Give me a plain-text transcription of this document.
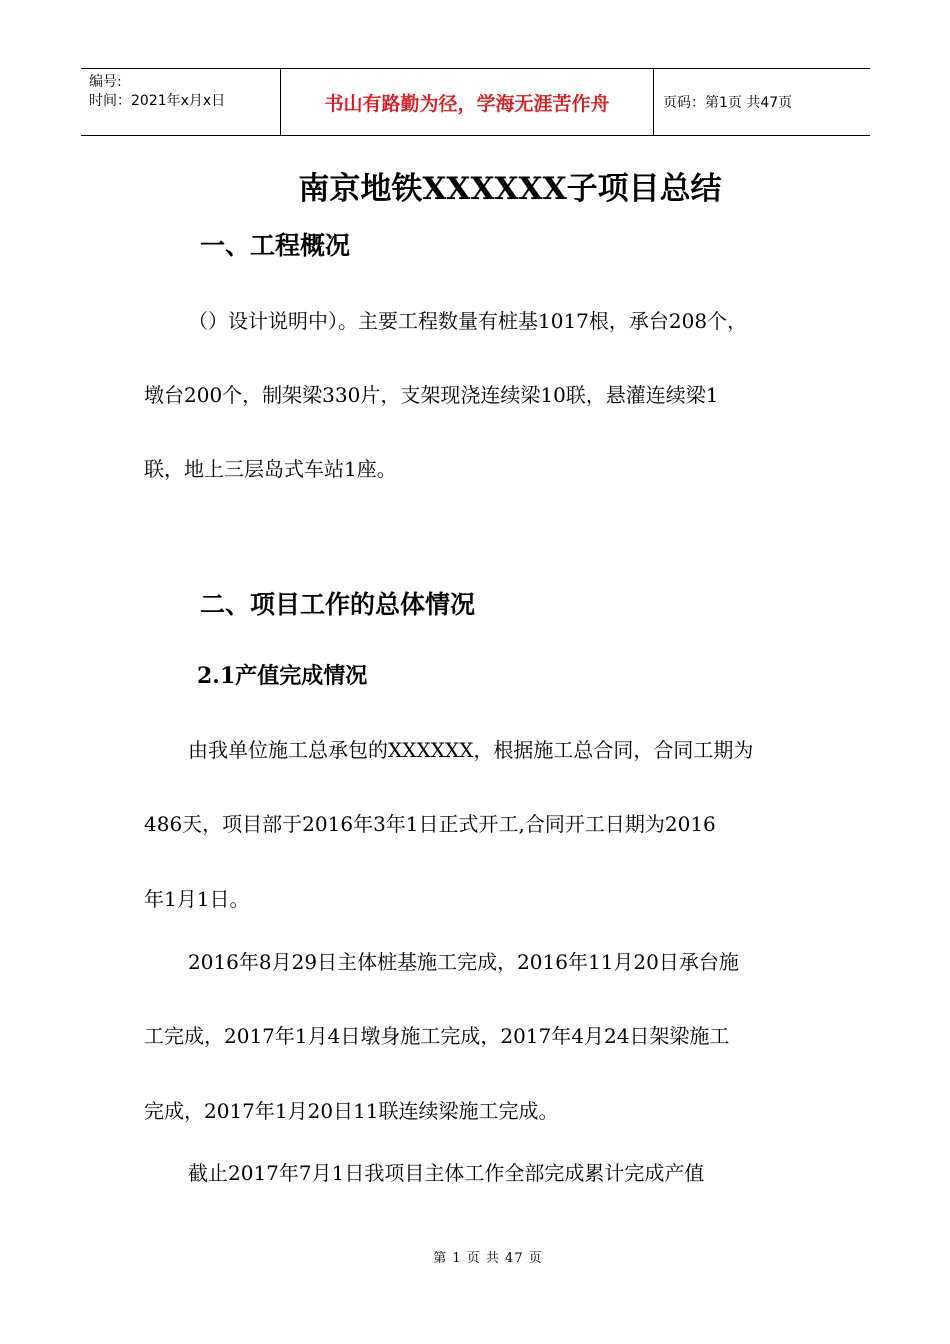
编号:
时间：2021年x月x日	书山有路勤为径，学海无涯苦作舟	页码：第1页 共47页
南京地铁XXXXXX子项目总结
一、工程概况
（）设计说明中）。主要工程数量有桩基1017根，承台208个，
墩台200个，制架梁330片，支架现浇连续梁10联，悬灌连续梁1
联，地上三层岛式车站1座。
二、项目工作的总体情况
2.1产值完成情况
由我单位施工总承包的XXXXXX，根据施工总合同，合同工期为
486天，项目部于2016年3年1日正式开工,合同开工日期为2016
年1月1日。
2016年8月29日主体桩基施工完成，2016年11月20日承台施
工完成，2017年1月4日墩身施工完成，2017年4月24日架梁施工
完成，2017年1月20日11联连续梁施工完成。
截止2017年7月1日我项目主体工作全部完成累计完成产值
第 1 页 共 47 页
